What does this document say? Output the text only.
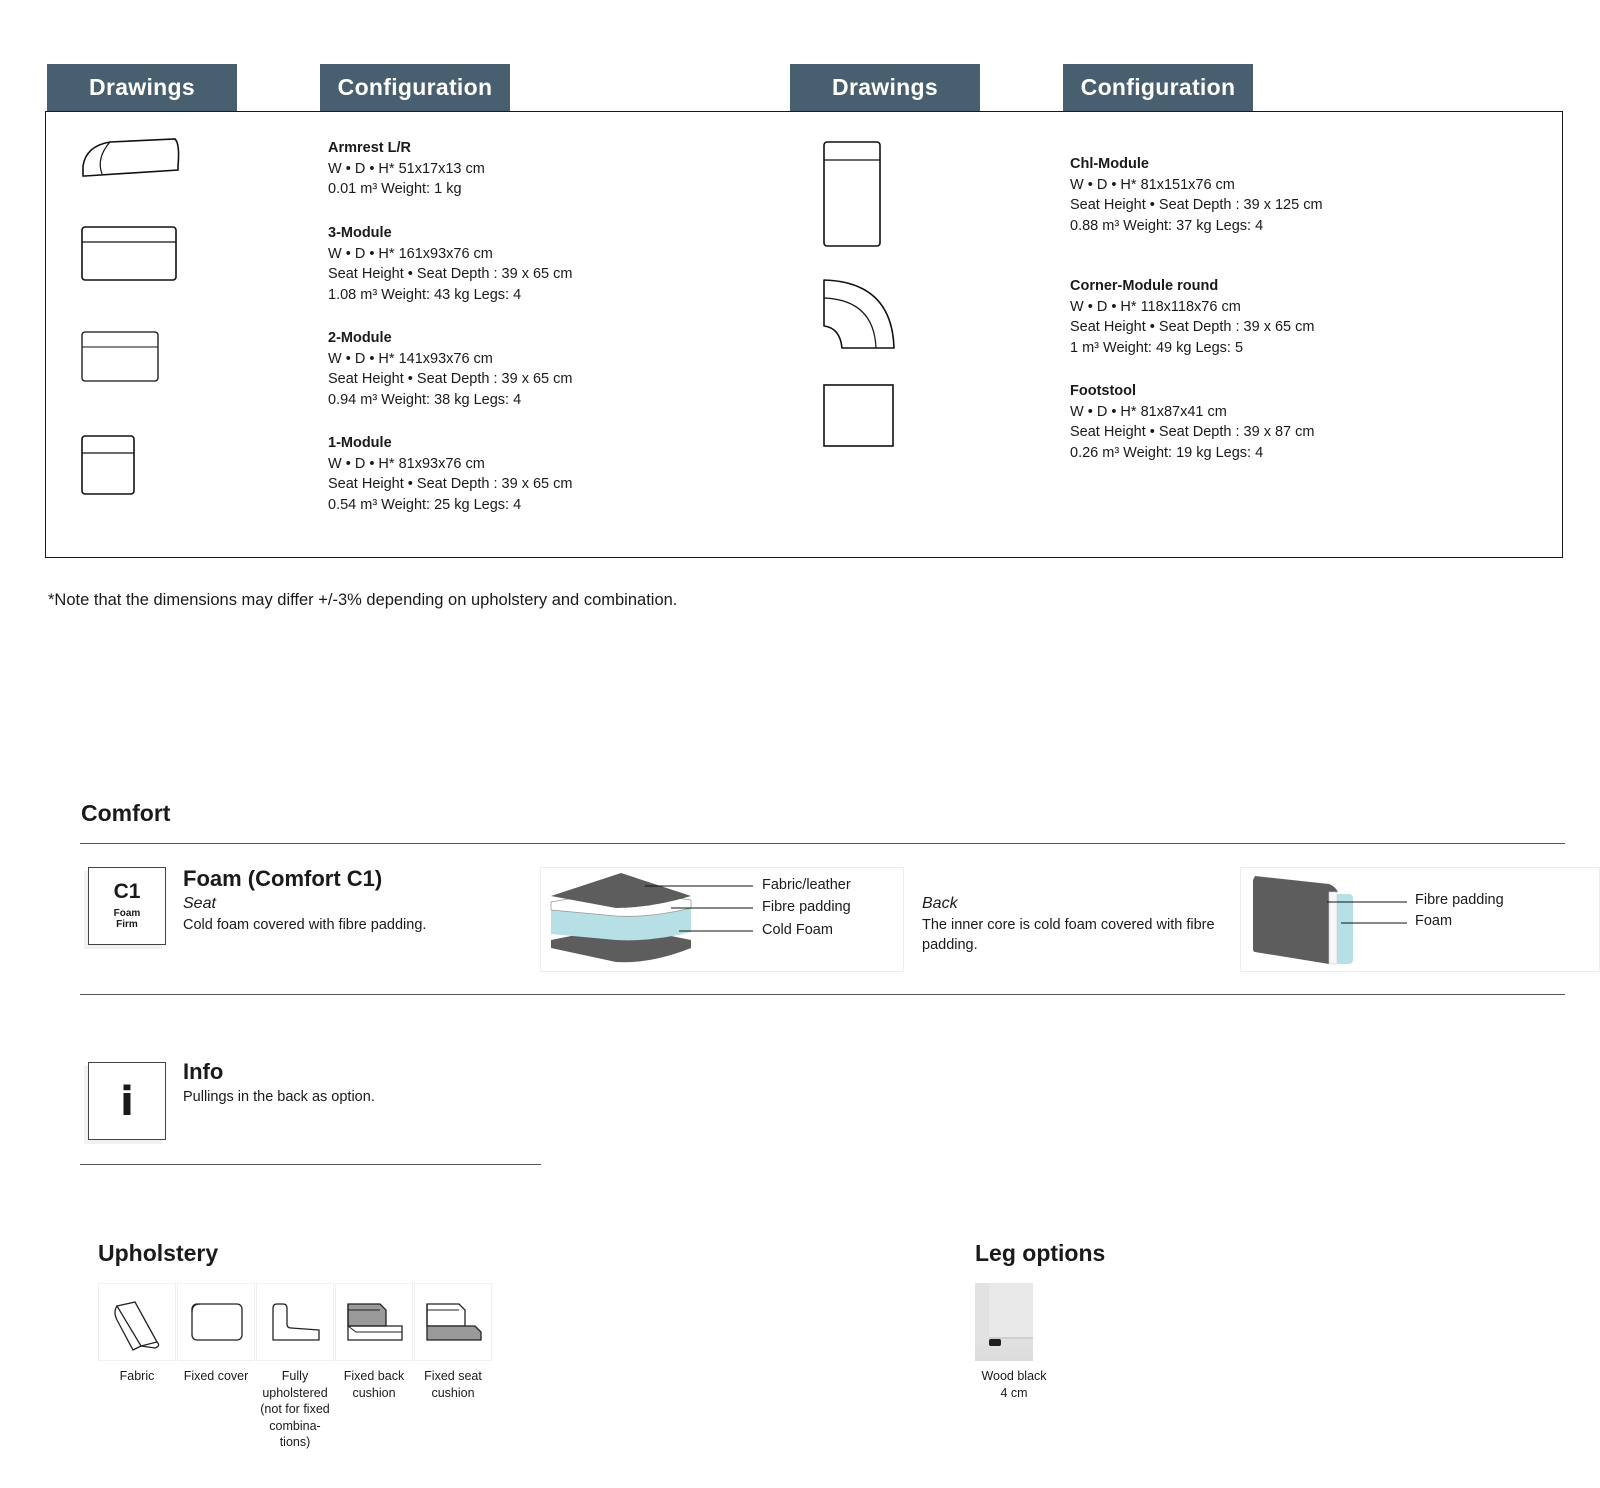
Drawings	Configuration	Drawings	Configuration
Armrest L/R
W • D • H* 51x17x13 cm
0.01 m³ Weight: 1 kg
3-Module
W • D • H* 161x93x76 cm
Seat Height • Seat Depth : 39 x 65 cm
1.08 m³ Weight: 43 kg Legs: 4
2-Module
W • D • H* 141x93x76 cm
Seat Height • Seat Depth : 39 x 65 cm
0.94 m³ Weight: 38 kg Legs: 4
1-Module
W • D • H* 81x93x76 cm
Seat Height • Seat Depth : 39 x 65 cm
0.54 m³ Weight: 25 kg Legs: 4
Chl-Module
W • D • H* 81x151x76 cm
Seat Height • Seat Depth : 39 x 125 cm
0.88 m³ Weight: 37 kg Legs: 4
Corner-Module round
W • D • H* 118x118x76 cm
Seat Height • Seat Depth : 39 x 65 cm
1 m³ Weight: 49 kg Legs: 5
Footstool
W • D • H* 81x87x41 cm
Seat Height • Seat Depth : 39 x 87 cm
0.26 m³ Weight: 19 kg Legs: 4
*Note that the dimensions may differ +/-3% depending on upholstery and combination.
Comfort
C1
Foam
Firm
Foam (Comfort C1)
Seat
Cold foam covered with fibre padding.
Fabric/leather
Fibre padding
Cold Foam
Back
The inner core is cold foam covered with fibre padding.
Fibre padding
Foam
i
Info
Pullings in the back as option.
Upholstery
Fabric	Fixed cover	Fully
upholstered
(not for fixed
combina-
tions)
Fixed back
cushion
Fixed seat
cushion
Leg options
Wood black
4 cm
